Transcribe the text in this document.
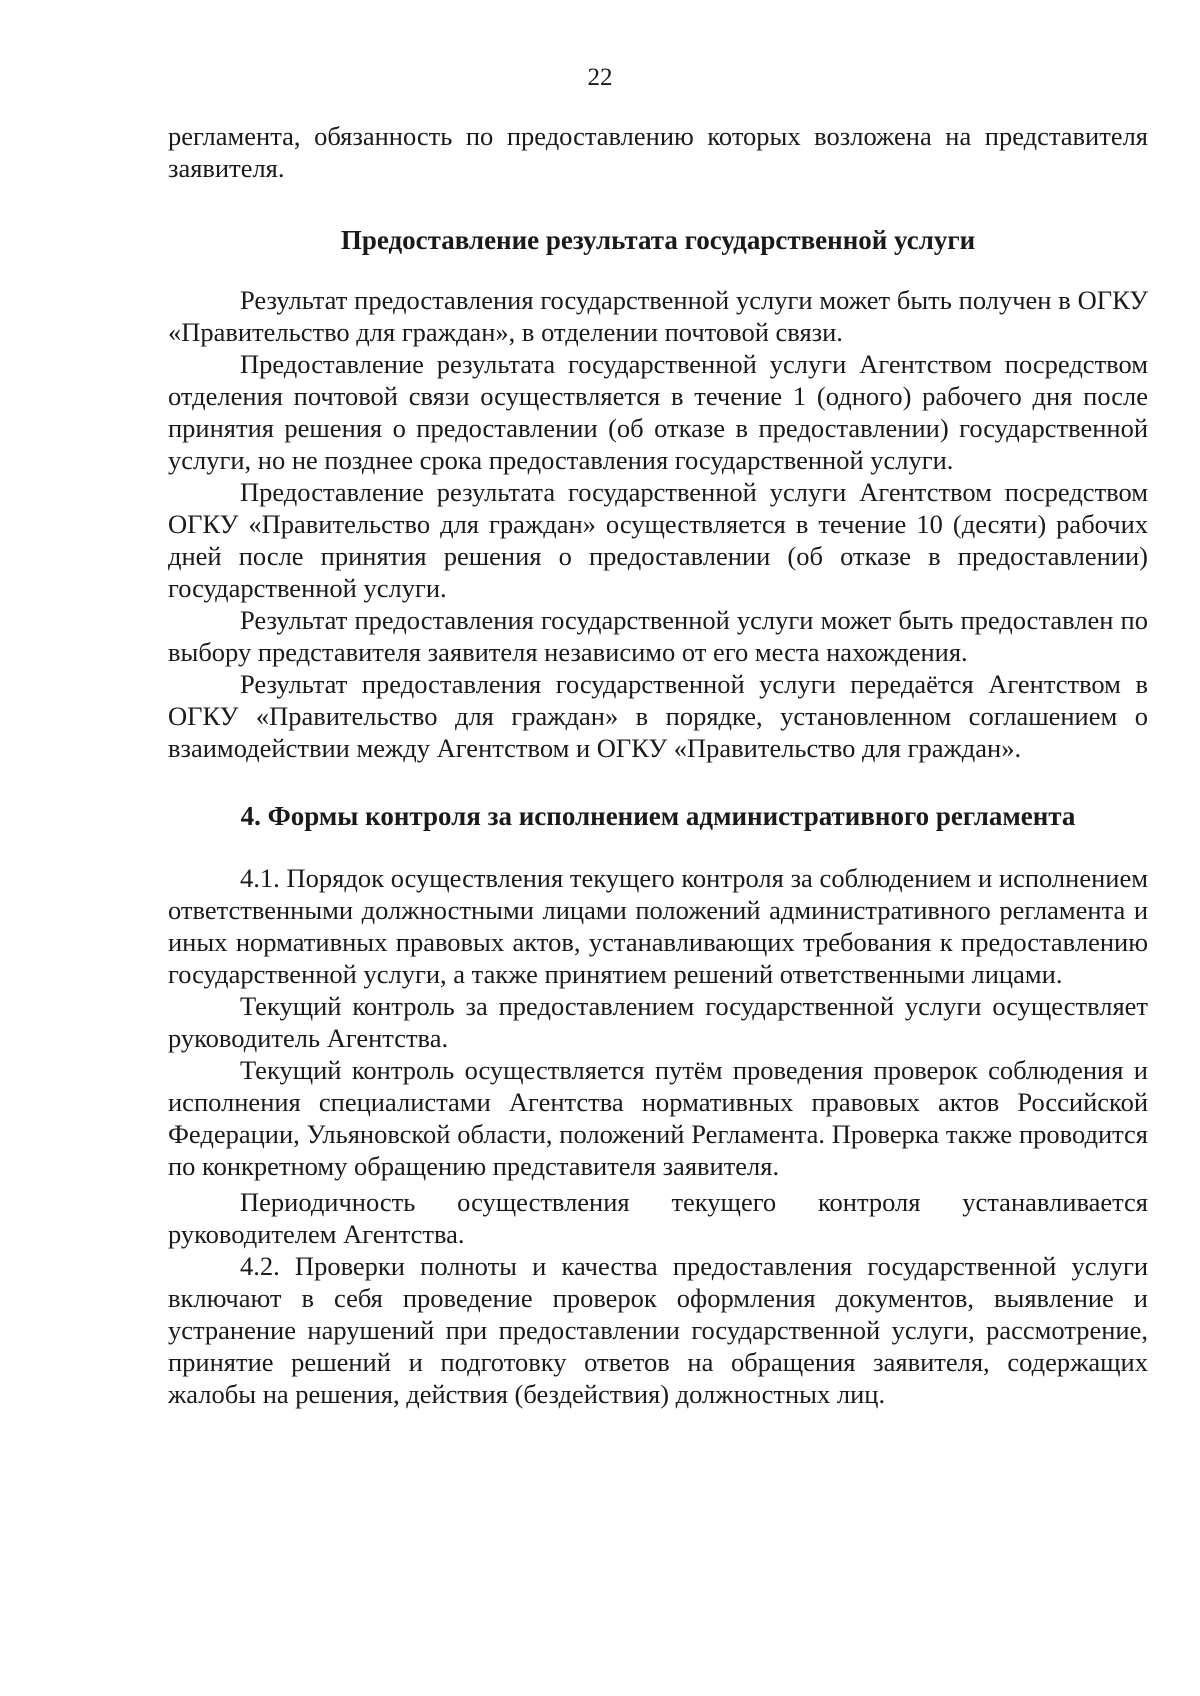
22

регламента, обязанность по предоставлению которых возложена на представителя заявителя.

Предоставление результата государственной услуги

Результат предоставления государственной услуги может быть получен в ОГКУ «Правительство для граждан», в отделении почтовой связи.

Предоставление результата государственной услуги Агентством посредством отделения почтовой связи осуществляется в течение 1 (одного) рабочего дня после принятия решения о предоставлении (об отказе в предоставлении) государственной услуги, но не позднее срока предоставления государственной услуги.

Предоставление результата государственной услуги Агентством посредством ОГКУ «Правительство для граждан» осуществляется в течение 10 (десяти) рабочих дней после принятия решения о предоставлении (об отказе в предоставлении) государственной услуги.

Результат предоставления государственной услуги может быть предоставлен по выбору представителя заявителя независимо от его места нахождения.

Результат предоставления государственной услуги передаётся Агентством в ОГКУ «Правительство для граждан» в порядке, установленном соглашением о взаимодействии между Агентством и ОГКУ «Правительство для граждан».

4. Формы контроля за исполнением административного регламента

4.1. Порядок осуществления текущего контроля за соблюдением и исполнением ответственными должностными лицами положений административного регламента и иных нормативных правовых актов, устанавливающих требования к предоставлению государственной услуги, а также принятием решений ответственными лицами.

Текущий контроль за предоставлением государственной услуги осуществляет руководитель Агентства.

Текущий контроль осуществляется путём проведения проверок соблюдения и исполнения специалистами Агентства нормативных правовых актов Российской Федерации, Ульяновской области, положений Регламента. Проверка также проводится по конкретному обращению представителя заявителя.

Периодичность осуществления текущего контроля устанавливается руководителем Агентства.

4.2. Проверки полноты и качества предоставления государственной услуги включают в себя проведение проверок оформления документов, выявление и устранение нарушений при предоставлении государственной услуги, рассмотрение, принятие решений и подготовку ответов на обращения заявителя, содержащих жалобы на решения, действия (бездействия) должностных лиц.
